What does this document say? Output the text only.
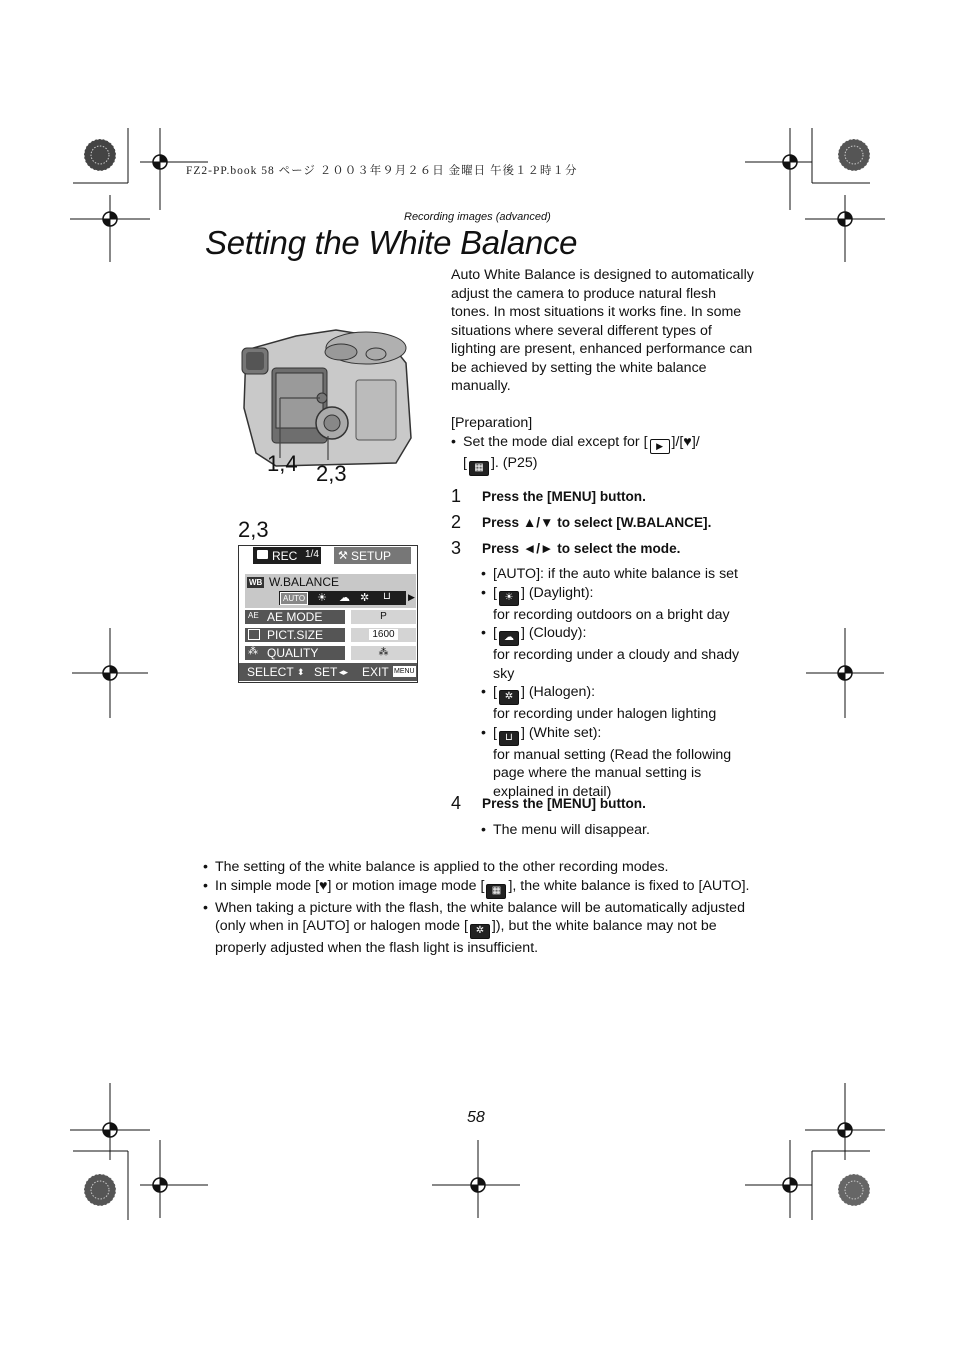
FZ2-PP.book 58 ページ ２００３年９月２６日 金曜日 午後１２時１分
Recording images (advanced)
Setting the White Balance
1,4 2,3
2,3
REC 1/4 ⚒ SETUP
WB W.BALANCE
AUTO ☀ ☁ ✲ ⊔ ▶
AE AE MODE	P
PICT.SIZE	1600
⁂ QUALITY	⁂
SELECT ⬍ SET ◂▸ EXIT MENU

Auto White Balance is designed to automatically adjust the camera to produce natural flesh tones. In most situations it works fine. In some situations where several different types of lighting are present, enhanced performance can be achieved by setting the white balance manually.

[Preparation]
• Set the mode dial except for [ ▶ ]/[♥]/
[ ▦ ]. (P25)
1 Press the [MENU] button.
2 Press ▲/▼ to select [W.BALANCE].
3 Press ◄/► to select the mode.
• [AUTO]: if the auto white balance is set
• [ ☀ ] (Daylight):
for recording outdoors on a bright day
• [ ☁ ] (Cloudy):
for recording under a cloudy and shady sky
• [ ✲ ] (Halogen):
for recording under halogen lighting
• [ ⊔ ] (White set):
for manual setting (Read the following page where the manual setting is explained in detail)
4 Press the [MENU] button.
• The menu will disappear.
• The setting of the white balance is applied to the other recording modes.
• In simple mode [♥] or motion image mode [ ▦ ], the white balance is fixed to [AUTO].
• When taking a picture with the flash, the white balance will be automatically adjusted (only when in [AUTO] or halogen mode [ ✲ ]), but the white balance may not be properly adjusted when the flash light is insufficient.
58
